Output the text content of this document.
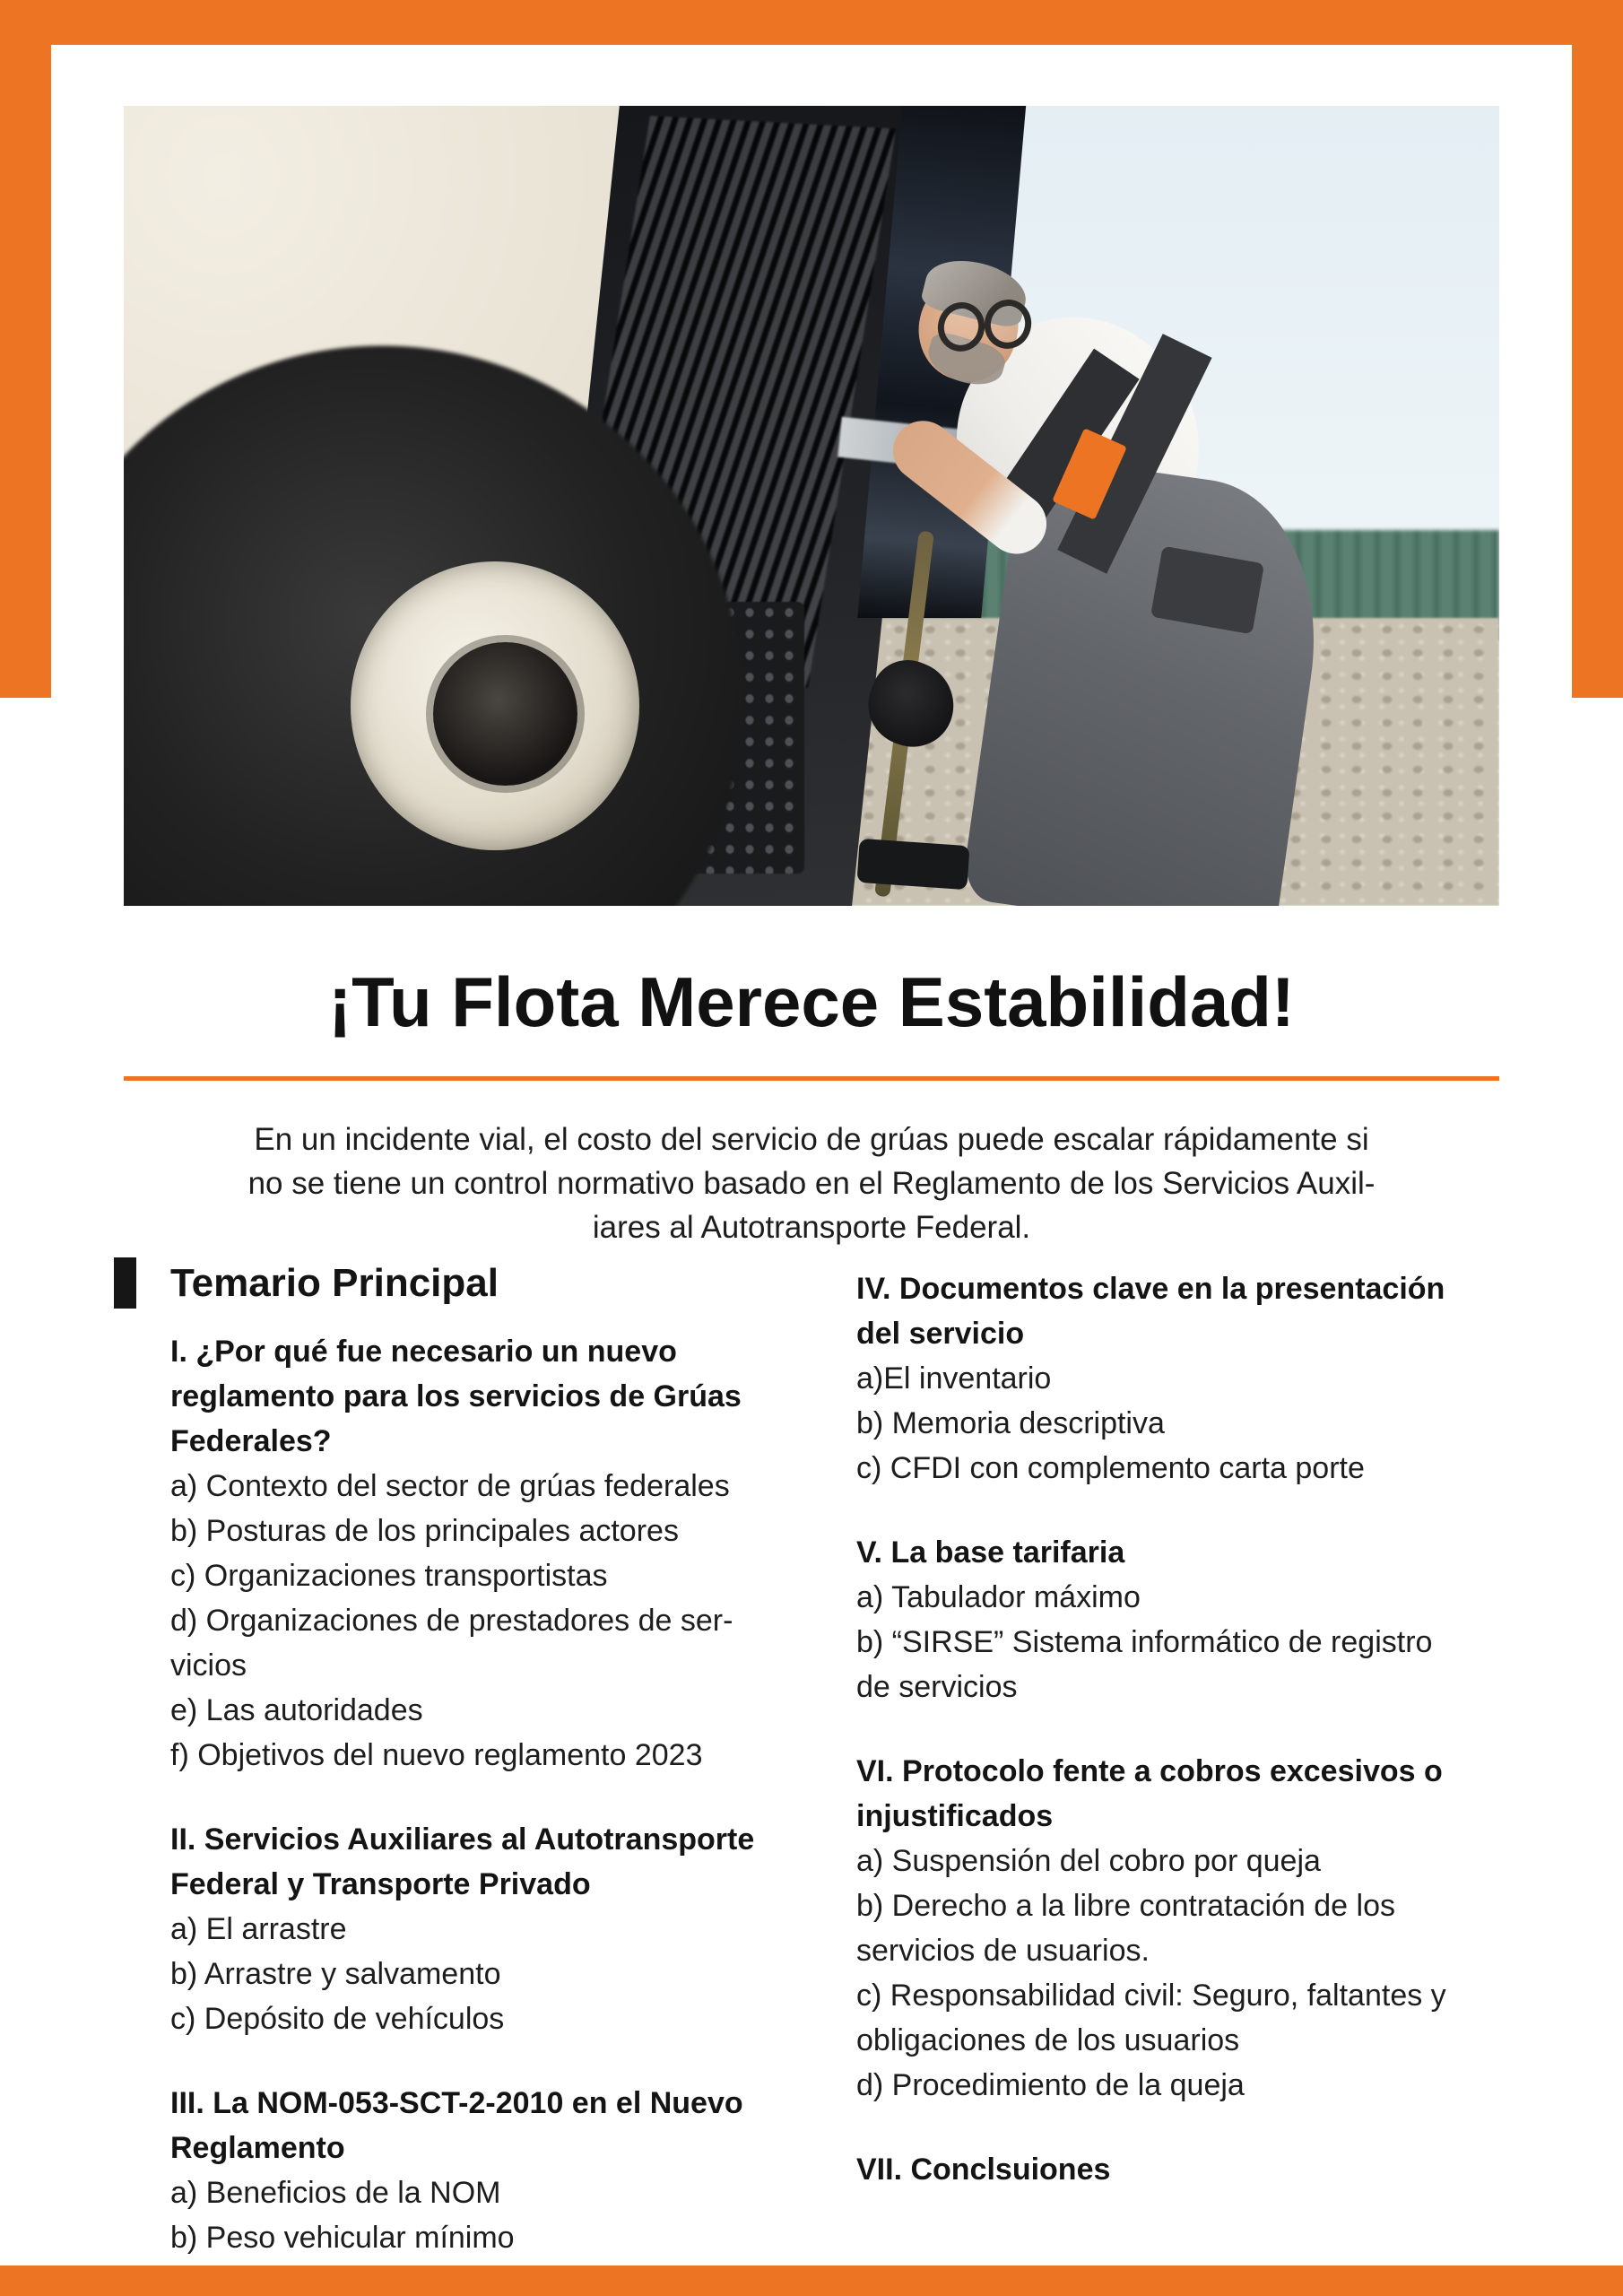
¡Tu Flota Merece Estabilidad!
En un incidente vial, el costo del servicio de grúas puede escalar rápidamente si
no se tiene un control normativo basado en el Reglamento de los Servicios Auxil-
iares al Autotransporte Federal.
Temario Principal
I. ¿Por qué fue necesario un nuevo
reglamento para los servicios de Grúas
Federales?
a) Contexto del sector de grúas federales
b) Posturas de los principales actores
c) Organizaciones transportistas
d) Organizaciones de prestadores de ser-
vicios
e) Las autoridades
f) Objetivos del nuevo reglamento 2023
II. Servicios Auxiliares al Autotransporte
Federal y Transporte Privado
a) El arrastre
b) Arrastre y salvamento
c) Depósito de vehículos
III. La NOM-053-SCT-2-2010 en el Nuevo
Reglamento
a) Beneficios de la NOM
b) Peso vehicular mínimo
IV. Documentos clave en la presentación
del servicio
a)El inventario
b) Memoria descriptiva
c) CFDI con complemento carta porte
V. La base tarifaria
a) Tabulador máximo
b) “SIRSE” Sistema informático de registro
de servicios
VI. Protocolo fente a cobros excesivos o
injustificados
a) Suspensión del cobro por queja
b) Derecho a la libre contratación de los
servicios de usuarios.
c) Responsabilidad civil: Seguro, faltantes y
obligaciones de los usuarios
d) Procedimiento de la queja
VII. Conclsuiones
